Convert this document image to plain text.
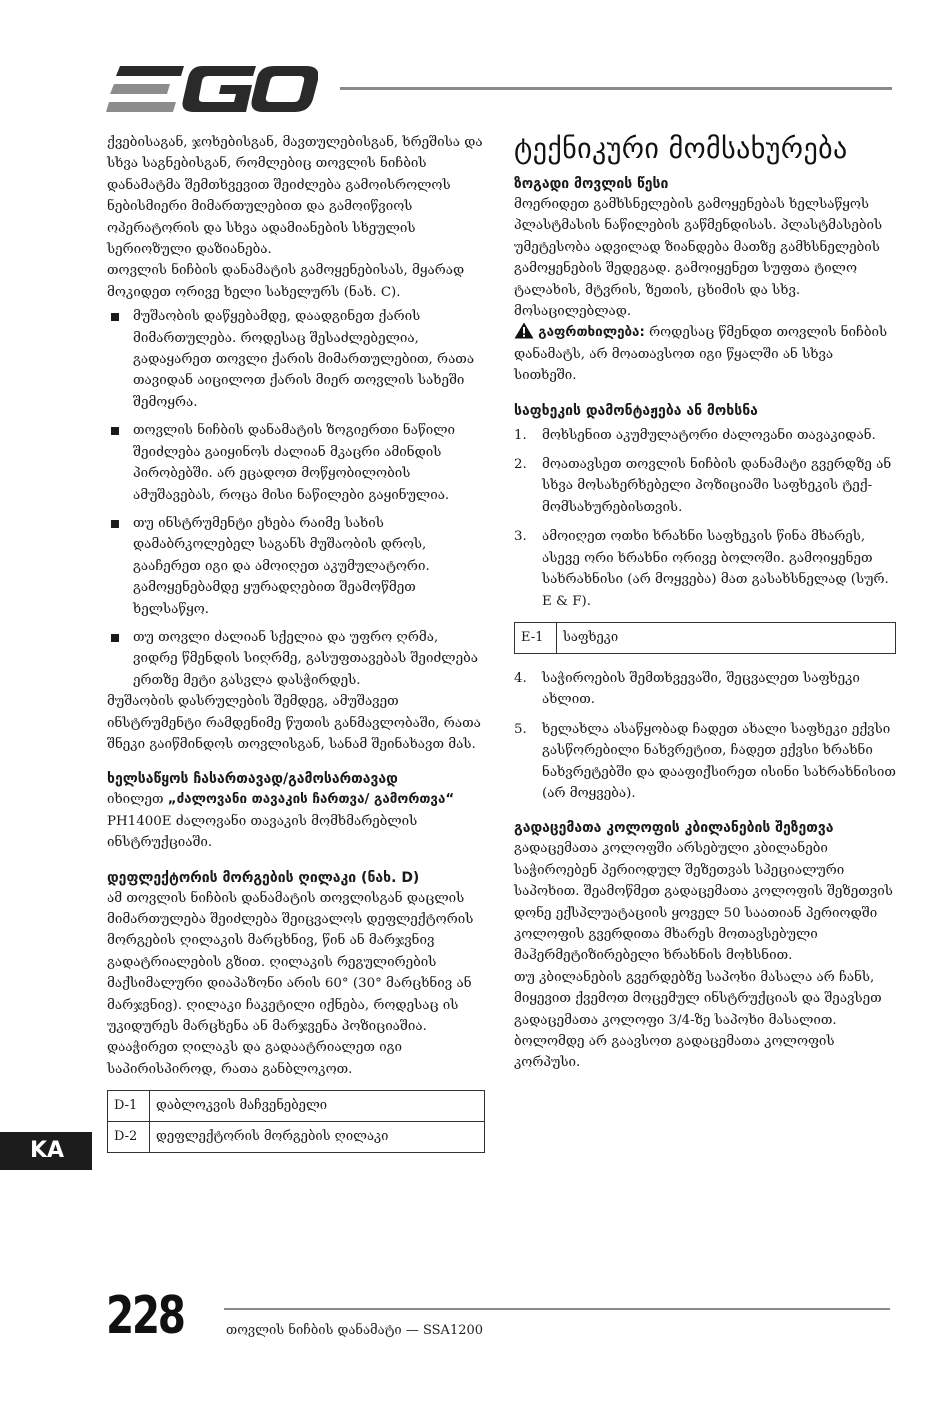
ქვებისაგან, ჯოხებისგან, მავთულებისგან, ხრეშისა და სხვა საგნებისგან, რომლებიც თოვლის ნიჩბის დანამატმა შემთხვევით შეიძლება გამოისროლოს ნებისმიერი მიმართულებით და გამოიწვიოს ოპერატორის და სხვა ადამიანების სხეულის სერიოზული დაზიანება.

თოვლის ნიჩბის დანამატის გამოყენებისას, მყარად მოკიდეთ ორივე ხელი სახელურს (ნახ. C).

მუშაობის დაწყებამდე, დაადგინეთ ქარის მიმართულება. როდესაც შესაძლებელია, გადაყარეთ თოვლი ქარის მიმართულებით, რათა თავიდან აიცილოთ ქარის მიერ თოვლის სახეში შემოყრა.
თოვლის ნიჩბის დანამატის ზოგიერთი ნაწილი შეიძლება გაიყინოს ძალიან მკაცრი ამინდის პირობებში. არ ეცადოთ მოწყობილობის ამუშავებას, როცა მისი ნაწილები გაყინულია.
თუ ინსტრუმენტი ეხება რაიმე სახის დამაბრკოლებელ საგანს მუშაობის დროს, გააჩერეთ იგი და ამოიღეთ აკუმულატორი. გამოყენებამდე ყურადღებით შეამოწმეთ ხელსაწყო.
თუ თოვლი ძალიან სქელია და უფრო ღრმა, ვიდრე წმენდის სიღრმე, გასუფთავებას შეიძლება ერთზე მეტი გასვლა დასჭირდეს.

მუშაობის დასრულების შემდეგ, ამუშავეთ ინსტრუმენტი რამდენიმე წუთის განმავლობაში, რათა შნეკი გაიწმინდოს თოვლისგან, სანამ შეინახავთ მას.

ხელსაწყოს ჩასართავად/გამოსართავად

იხილეთ „ძალოვანი თავაკის ჩართვა/ გამორთვა“ PH1400E ძალოვანი თავაკის მომხმარებლის ინსტრუქციაში.

დეფლექტორის მორგების ღილაკი (ნახ. D)

ამ თოვლის ნიჩბის დანამატის თოვლისგან დაცლის მიმართულება შეიძლება შეიცვალოს დეფლექტორის მორგების ღილაკის მარცხნივ, წინ ან მარჯვნივ გადატრიალების გზით. ღილაკის რეგულირების მაქსიმალური დიაპაზონი არის 60° (30° მარცხნივ ან მარჯვნივ). ღილაკი ჩაკეტილი იქნება, როდესაც ის უკიდურეს მარცხენა ან მარჯვენა პოზიციაშია. დააჭირეთ ღილაკს და გადაატრიალეთ იგი საპირისპიროდ, რათა განბლოკოთ.

D-1	დაბლოკვის მაჩვენებელი
D-2	დეფლექტორის მორგების ღილაკი
ტექნიკური მომსახურება
ზოგადი მოვლის წესი

მოერიდეთ გამხსნელების გამოყენებას ხელსაწყოს პლასტმასის ნაწილების გაწმენდისას. პლასტმასების უმეტესობა ადვილად ზიანდება მათზე გამხსნელების გამოყენების შედეგად. გამოიყენეთ სუფთა ტილო ტალახის, მტვრის, ზეთის, ცხიმის და სხვ. მოსაცილებლად.

გაფრთხილება: როდესაც წმენდთ თოვლის ნიჩბის დანამატს, არ მოათავსოთ იგი წყალში ან სხვა სითხეში.

საფხეკის დამონტაჟება ან მოხსნა
1. მოხსენით აკუმულატორი ძალოვანი თავაკიდან.
2. მოათავსეთ თოვლის ნიჩბის დანამატი გვერდზე ან სხვა მოსახერხებელი პოზიციაში საფხეკის ტექ-მომსახურებისთვის.
3. ამოიღეთ ოთხი ხრახნი საფხეკის წინა მხარეს, ასევე ორი ხრახნი ორივე ბოლოში. გამოიყენეთ სახრახნისი (არ მოყვება) მათ გასახსნელად (სურ. E & F).
E-1	საფხეკი
4. საჭიროების შემთხვევაში, შეცვალეთ საფხეკი ახლით.
5. ხელახლა ასაწყობად ჩადეთ ახალი საფხეკი ექვსი გასწორებილი ნახვრეტით, ჩადეთ ექვსი ხრახნი ნახვრეტებში და დააფიქსირეთ ისინი სახრახნისით (არ მოყვება).
გადაცემათა კოლოფის კბილანების შეზეთვა

გადაცემათა კოლოფში არსებული კბილანები საჭიროებენ პერიოდულ შეზეთვას სპეციალური საპოხით. შეამოწმეთ გადაცემათა კოლოფის შეზეთვის დონე ექსპლუატაციის ყოველ 50 საათიან პერიოდში კოლოფის გვერდითა მხარეს მოთავსებული მაჰერმეტიზირებელი ხრახნის მოხსნით.

თუ კბილანების გვერდებზე საპოხი მასალა არ ჩანს, მიყევით ქვემოთ მოცემულ ინსტრუქციას და შეავსეთ გადაცემათა კოლოფი 3/4-ზე საპოხი მასალით.

ბოლომდე არ გაავსოთ გადაცემათა კოლოფის კორპუსი.

KA
228	თოვლის ნიჩბის დანამატი — SSA1200
